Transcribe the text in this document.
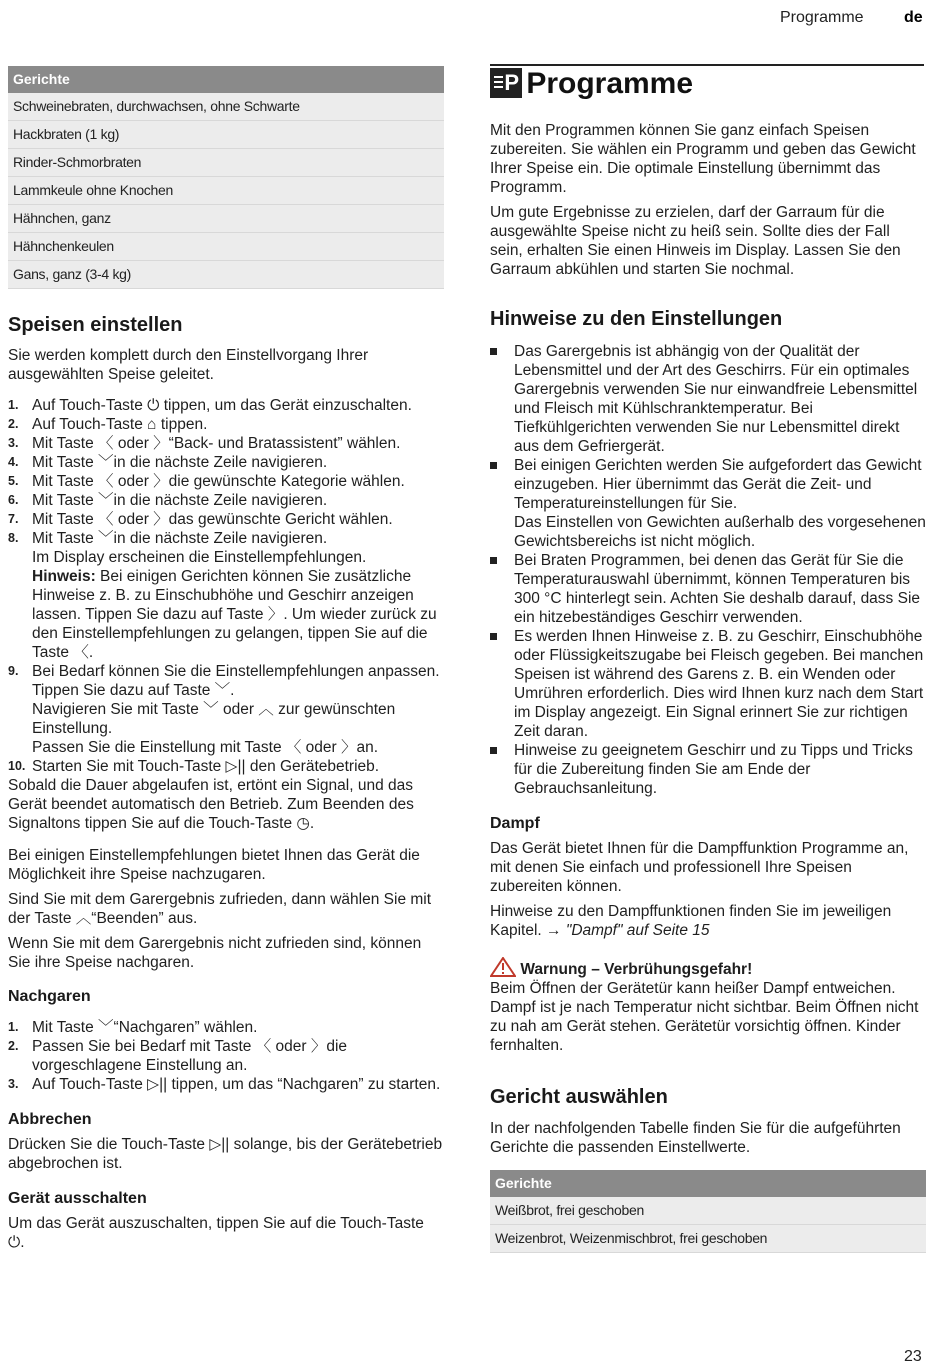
Programme	de
Gerichte
Schweinebraten, durchwachsen, ohne Schwarte
Hackbraten (1 kg)
Rinder-Schmorbraten
Lammkeule ohne Knochen
Hähnchen, ganz
Hähnchenkeulen
Gans, ganz (3-4 kg)
Speisen einstellen

Sie werden komplett durch den Einstellvorgang Ihrer ausgewählten Speise geleitet.

1. Auf Touch-Taste ⏻ tippen, um das Gerät einzuschalten.
2. Auf Touch-Taste ⌂ tippen.
3. Mit Taste 〈 oder 〉“Back- und Bratassistent” wählen.
4. Mit Taste ﹀in die nächste Zeile navigieren.
5. Mit Taste 〈 oder 〉die gewünschte Kategorie wählen.
6. Mit Taste ﹀in die nächste Zeile navigieren.
7. Mit Taste 〈 oder 〉das gewünschte Gericht wählen.
8. Mit Taste ﹀in die nächste Zeile navigieren.
Im Display erscheinen die Einstellempfehlungen.
Hinweis: Bei einigen Gerichten können Sie zusätzliche Hinweise z. B. zu Einschubhöhe und Geschirr anzeigen lassen. Tippen Sie dazu auf Taste 〉. Um wieder zurück zu den Einstellempfehlungen zu gelangen, tippen Sie auf die Taste 〈.
9. Bei Bedarf können Sie die Einstellempfehlungen anpassen. Tippen Sie dazu auf Taste ﹀.
Navigieren Sie mit Taste ﹀ oder ︿ zur gewünschten Einstellung.
Passen Sie die Einstellung mit Taste 〈 oder 〉an.
10. Starten Sie mit Touch-Taste ▷|| den Gerätebetrieb.

Sobald die Dauer abgelaufen ist, ertönt ein Signal, und das Gerät beendet automatisch den Betrieb. Zum Beenden des Signaltons tippen Sie auf die Touch-Taste ◷.

Bei einigen Einstellempfehlungen bietet Ihnen das Gerät die Möglichkeit ihre Speise nachzugaren.

Sind Sie mit dem Garergebnis zufrieden, dann wählen Sie mit der Taste ︿“Beenden” aus.

Wenn Sie mit dem Garergebnis nicht zufrieden sind, können Sie ihre Speise nachgaren.

Nachgaren
1. Mit Taste ﹀“Nachgaren” wählen.
2. Passen Sie bei Bedarf mit Taste 〈 oder 〉die vorgeschlagene Einstellung an.
3. Auf Touch-Taste ▷|| tippen, um das “Nachgaren” zu starten.
Abbrechen

Drücken Sie die Touch-Taste ▷|| solange, bis der Gerätebetrieb abgebrochen ist.

Gerät ausschalten

Um das Gerät auszuschalten, tippen Sie auf die Touch-Taste ⏻.

P Programme

Mit den Programmen können Sie ganz einfach Speisen zubereiten. Sie wählen ein Programm und geben das Gewicht Ihrer Speise ein. Die optimale Einstellung übernimmt das Programm.

Um gute Ergebnisse zu erzielen, darf der Garraum für die ausgewählte Speise nicht zu heiß sein. Sollte dies der Fall sein, erhalten Sie einen Hinweis im Display. Lassen Sie den Garraum abkühlen und starten Sie nochmal.

Hinweise zu den Einstellungen
Das Garergebnis ist abhängig von der Qualität der Lebensmittel und der Art des Geschirrs. Für ein optimales Garergebnis verwenden Sie nur einwandfreie Lebensmittel und Fleisch mit Kühlschranktemperatur. Bei Tiefkühlgerichten verwenden Sie nur Lebensmittel direkt aus dem Gefriergerät.
Bei einigen Gerichten werden Sie aufgefordert das Gewicht einzugeben. Hier übernimmt das Gerät die Zeit- und Temperatureinstellungen für Sie.
Das Einstellen von Gewichten außerhalb des vorgesehenen Gewichtsbereichs ist nicht möglich.
Bei Braten Programmen, bei denen das Gerät für Sie die Temperaturauswahl übernimmt, können Temperaturen bis 300 °C hinterlegt sein. Achten Sie deshalb darauf, dass Sie ein hitzebeständiges Geschirr verwenden.
Es werden Ihnen Hinweise z. B. zu Geschirr, Einschubhöhe oder Flüssigkeitszugabe bei Fleisch gegeben. Bei manchen Speisen ist während des Garens z. B. ein Wenden oder Umrühren erforderlich. Dies wird Ihnen kurz nach dem Start im Display angezeigt. Ein Signal erinnert Sie zur richtigen Zeit daran.
Hinweise zu geeignetem Geschirr und zu Tipps und Tricks für die Zubereitung finden Sie am Ende der Gebrauchsanleitung.
Dampf

Das Gerät bietet Ihnen für die Dampffunktion Programme an, mit denen Sie einfach und professionell Ihre Speisen zubereiten können.

Hinweise zu den Dampffunktionen finden Sie im jeweiligen Kapitel. → "Dampf" auf Seite 15

Warnung – Verbrühungsgefahr!

Beim Öffnen der Gerätetür kann heißer Dampf entweichen. Dampf ist je nach Temperatur nicht sichtbar. Beim Öffnen nicht zu nah am Gerät stehen. Gerätetür vorsichtig öffnen. Kinder fernhalten.

Gericht auswählen

In der nachfolgenden Tabelle finden Sie für die aufgeführten Gerichte die passenden Einstellwerte.

Gerichte
Weißbrot, frei geschoben
Weizenbrot, Weizenmischbrot, frei geschoben
23
